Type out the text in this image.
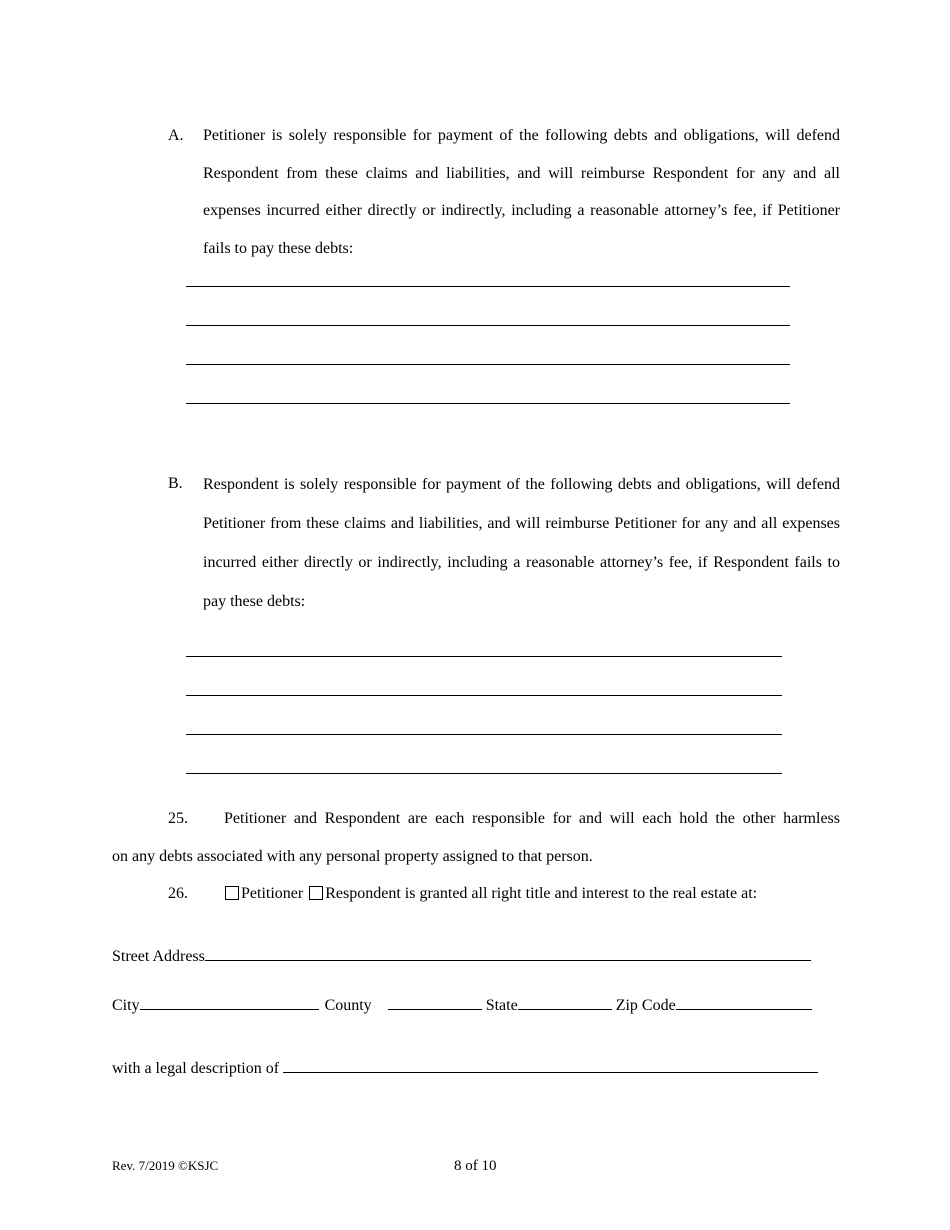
A. Petitioner is solely responsible for payment of the following debts and obligations, will defend Respondent from these claims and liabilities, and will reimburse Respondent for any and all expenses incurred either directly or indirectly, including a reasonable attorney’s fee, if Petitioner fails to pay these debts:
B. Respondent is solely responsible for payment of the following debts and obligations, will defend Petitioner from these claims and liabilities, and will reimburse Petitioner for any and all expenses incurred either directly or indirectly, including a reasonable attorney’s fee, if Respondent fails to pay these debts:
25. Petitioner and Respondent are each responsible for and will each hold the other harmless
on any debts associated with any personal property assigned to that person.
26.	Petitioner Respondent is granted all right title and interest to the real estate at:
Street Address
City	County	State	Zip Code
with a legal description of
Rev. 7/2019 ©KSJC	8 of 10
